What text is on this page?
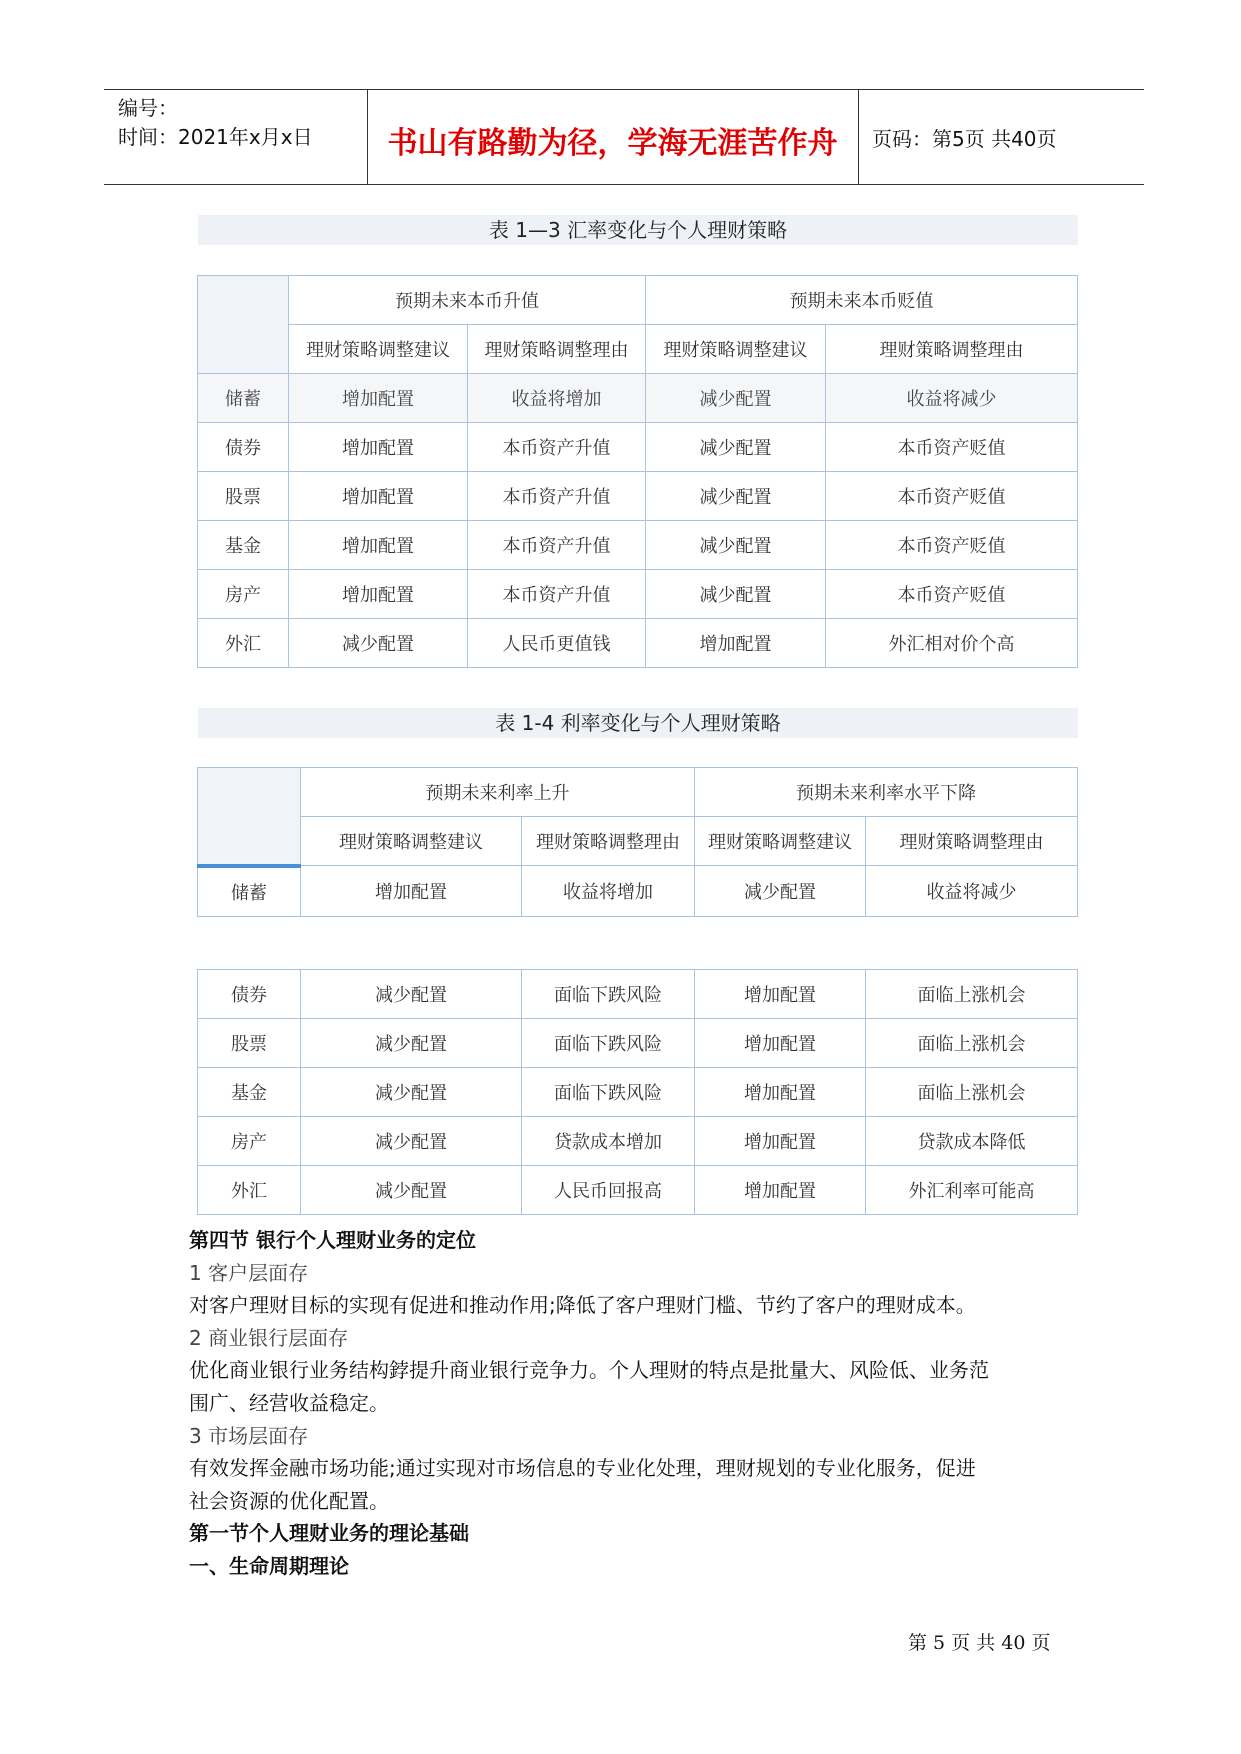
编号：
时间：2021年x月x日	书山有路勤为径，学海无涯苦作舟	页码：第5页 共40页
表 1—3 汇率变化与个人理财策略
	预期未来本币升值		预期未来本币贬值	
	理财策略调整建议	理财策略调整理由	理财策略调整建议	理财策略调整理由
储蓄	增加配置	收益将增加	减少配置	收益将减少
债券	增加配置	本币资产升值	减少配置	本币资产贬值
股票	增加配置	本币资产升值	减少配置	本币资产贬值
基金	增加配置	本币资产升值	减少配置	本币资产贬值
房产	增加配置	本币资产升值	减少配置	本币资产贬值
外汇	减少配置	人民币更值钱	增加配置	外汇相对价个高
表 1-4 利率变化与个人理财策略
	预期未来利率上升		预期未来利率水平下降	
	理财策略调整建议	理财策略调整理由	理财策略调整建议	理财策略调整理由
储蓄	增加配置	收益将增加	减少配置	收益将减少
债券	减少配置	面临下跌风险	增加配置	面临上涨机会
股票	减少配置	面临下跌风险	增加配置	面临上涨机会
基金	减少配置	面临下跌风险	增加配置	面临上涨机会
房产	减少配置	贷款成本增加	增加配置	贷款成本降低
外汇	减少配置	人民币回报高	增加配置	外汇利率可能高

第四节 银行个人理财业务的定位

1 客户层面存

对客户理财目标的实现有促进和推动作用;降低了客户理财门槛、节约了客户的理财成本。

2 商业银行层面存

优化商业银行业务结构鋍提升商业银行竞争力。个人理财的特点是批量大、风险低、业务范

围广、经营收益稳定。

3 市场层面存

有效发挥金融市场功能;通过实现对市场信息的专业化处理，理财规划的专业化服务，促进

社会资源的优化配置。

第一节个人理财业务的理论基础

一、生命周期理论

第 5 页 共 40 页
